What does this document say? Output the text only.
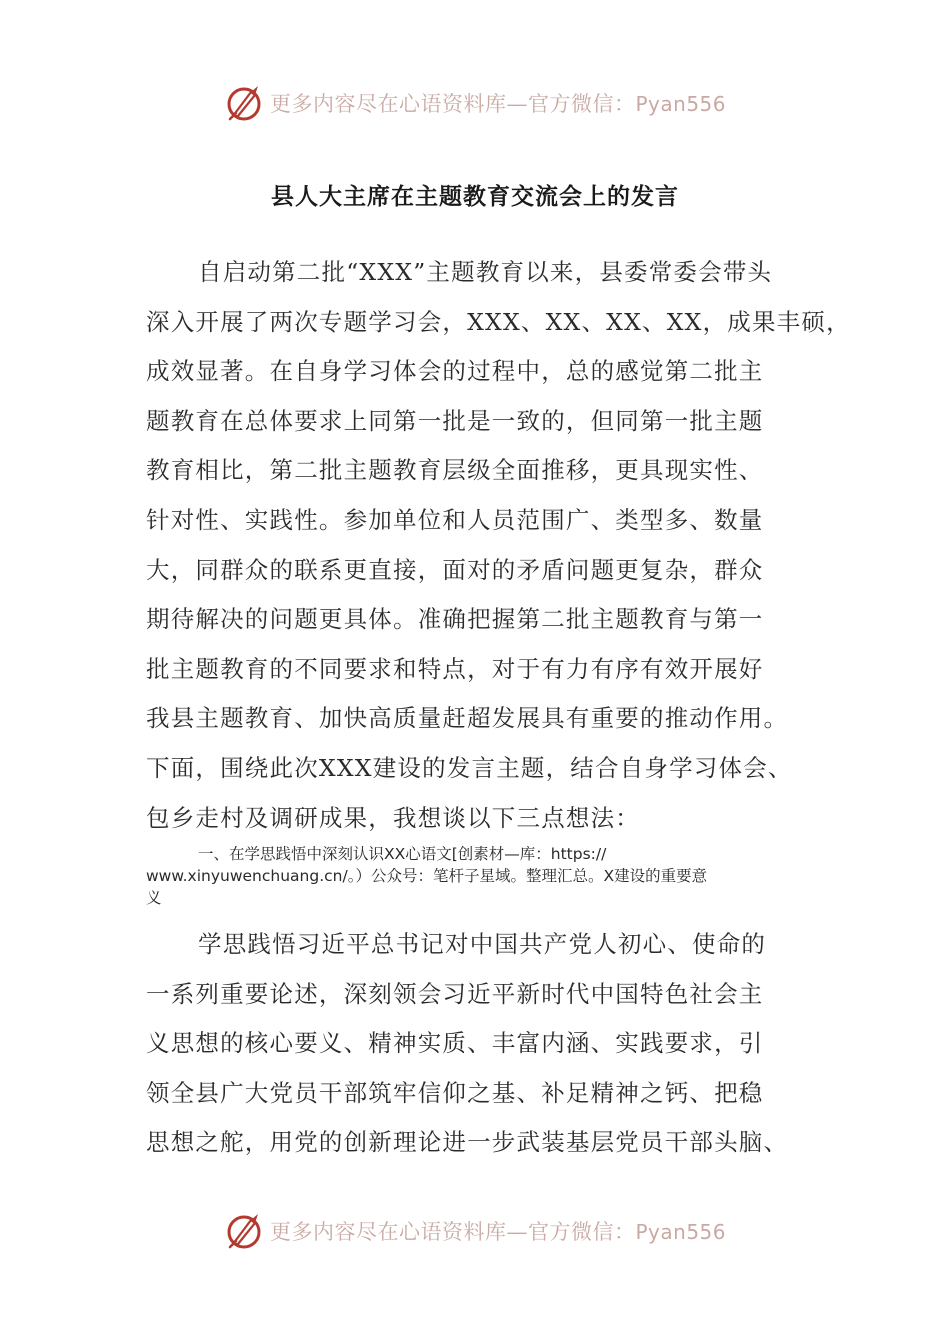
更多内容尽在心语资料库—官方微信：Pyan556
县人大主席在主题教育交流会上的发言
自启动第二批“XXX”主题教育以来，县委常委会带头
深入开展了两次专题学习会，XXX、XX、XX、XX，成果丰硕，
成效显著。在自身学习体会的过程中，总的感觉第二批主
题教育在总体要求上同第一批是一致的，但同第一批主题
教育相比，第二批主题教育层级全面推移，更具现实性、
针对性、实践性。参加单位和人员范围广、类型多、数量
大，同群众的联系更直接，面对的矛盾问题更复杂，群众
期待解决的问题更具体。准确把握第二批主题教育与第一
批主题教育的不同要求和特点，对于有力有序有效开展好
我县主题教育、加快高质量赶超发展具有重要的推动作用。
下面，围绕此次XXX建设的发言主题，结合自身学习体会、
包乡走村及调研成果，我想谈以下三点想法：
一、在学思践悟中深刻认识XX心语文[创素材—库：https://
www.xinyuwenchuang.cn/。）公众号：笔杆子星域。整理汇总。X建设的重要意
义
学思践悟习近平总书记对中国共产党人初心、使命的
一系列重要论述，深刻领会习近平新时代中国特色社会主
义思想的核心要义、精神实质、丰富内涵、实践要求，引
领全县广大党员干部筑牢信仰之基、补足精神之钙、把稳
思想之舵，用党的创新理论进一步武装基层党员干部头脑、
更多内容尽在心语资料库—官方微信：Pyan556
